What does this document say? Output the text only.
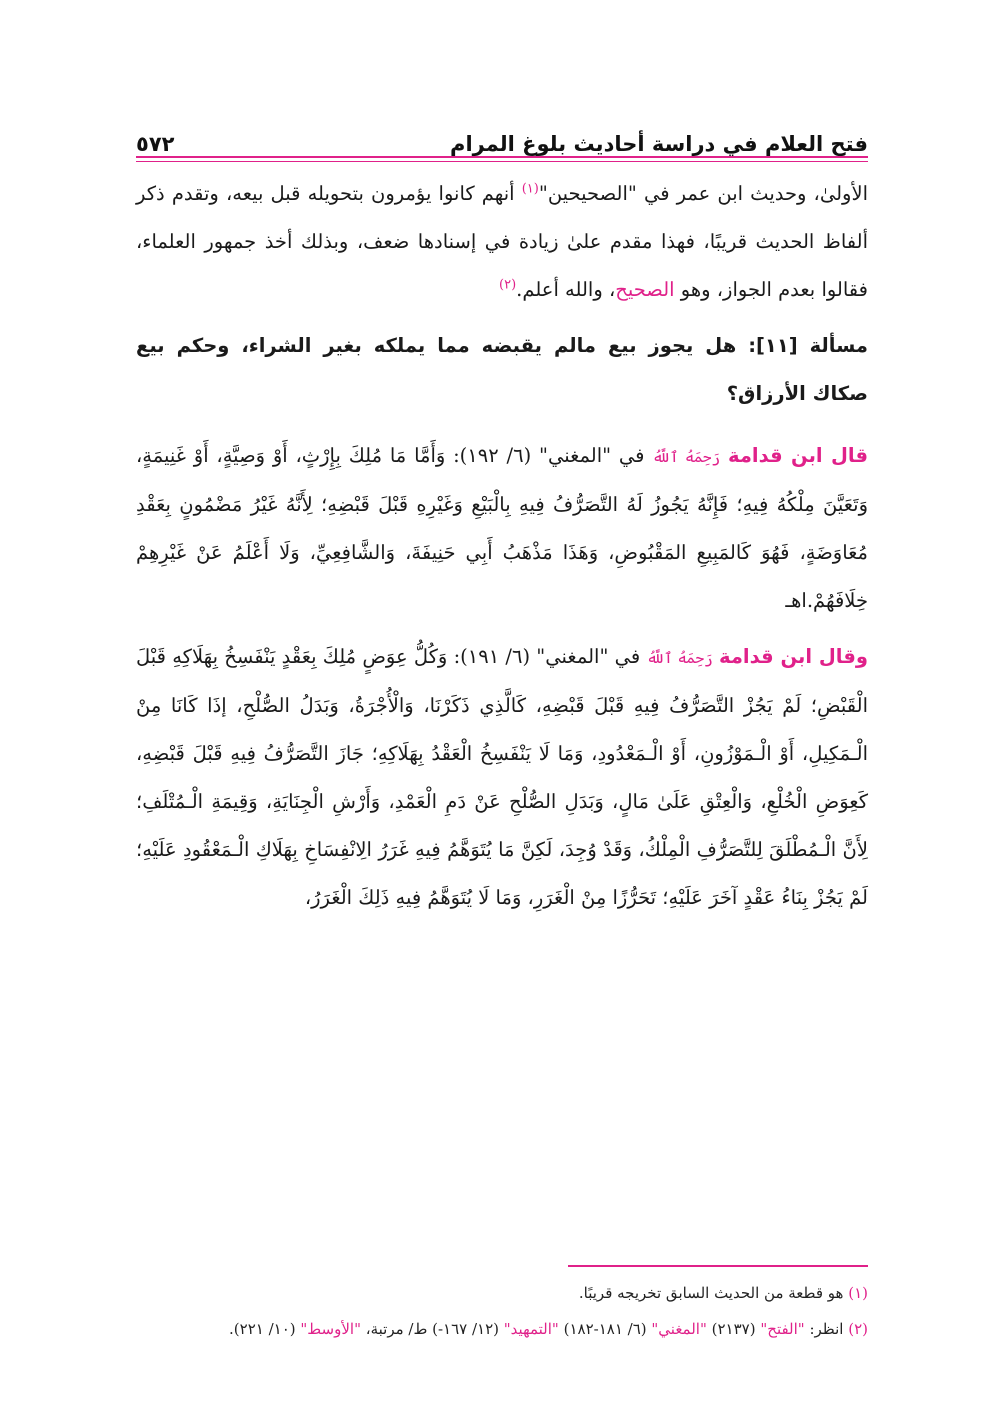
فتح العلام في دراسة أحاديث بلوغ المرام
٥٧٢

الأولىٰ، وحديث ابن عمر في "الصحيحين"$^{(١)}$ أنهم كانوا يؤمرون بتحويله قبل بيعه، وتقدم ذكر ألفاظ الحديث قريبًا، فهذا مقدم علىٰ زيادة في إسنادها ضعف، وبذلك أخذ جمهور العلماء، فقالوا بعدم الجواز، وهو الصحيح، والله أعلم.$^{(٢)}$

مسألة [١١]: هل يجوز بيع مالم يقبضه مما يملكه بغير الشراء، وحكم بيع صكاك الأرزاق؟

قال ابن قدامة رَحِمَهُ ٱللَّهُ في "المغني" (٦/ ١٩٢): وَأَمَّا مَا مُلِكَ بِإِرْثٍ، أَوْ وَصِيَّةٍ، أَوْ غَنِيمَةٍ، وَتَعَيَّنَ مِلْكُهُ فِيهِ؛ فَإِنَّهُ يَجُوزُ لَهُ التَّصَرُّفُ فِيهِ بِالْبَيْعِ وَغَيْرِهِ قَبْلَ قَبْضِهِ؛ لِأَنَّهُ غَيْرُ مَضْمُونٍ بِعَقْدِ مُعَاوَضَةٍ، فَهُوَ كَالمَبِيعِ المَقْبُوضِ، وَهَذَا مَذْهَبُ أَبِي حَنِيفَةَ، وَالشَّافِعِيِّ، وَلَا أَعْلَمُ عَنْ غَيْرِهِمْ خِلَافَهُمْ.اهـ

وقال ابن قدامة رَحِمَهُ ٱللَّهُ في "المغني" (٦/ ١٩١): وَكُلُّ عِوَضٍ مُلِكَ بِعَقْدٍ يَنْفَسِخُ بِهَلَاكِهِ قَبْلَ الْقَبْضِ؛ لَمْ يَجُزْ التَّصَرُّفُ فِيهِ قَبْلَ قَبْضِهِ، كَالَّذِي ذَكَرْنَا، وَالْأُجْرَةُ، وَبَدَلُ الصُّلْحِ، إذَا كَانَا مِنْ الْـمَكِيلِ، أَوْ الْـمَوْزُونِ، أَوْ الْـمَعْدُودِ، وَمَا لَا يَنْفَسِخُ الْعَقْدُ بِهَلَاكِهِ؛ جَازَ التَّصَرُّفُ فِيهِ قَبْلَ قَبْضِهِ، كَعِوَضِ الْخُلْعِ، وَالْعِتْقِ عَلَىٰ مَالٍ، وَبَدَلِ الصُّلْحِ عَنْ دَمِ الْعَمْدِ، وَأَرْشِ الْجِنَايَةِ، وَقِيمَةِ الْـمُتْلَفِ؛ لِأَنَّ الْـمُطْلَقَ لِلتَّصَرُّفِ الْمِلْكُ، وَقَدْ وُجِدَ، لَكِنَّ مَا يُتَوَهَّمُ فِيهِ غَرَرُ الِانْفِسَاخِ بِهَلَاكِ الْـمَعْقُودِ عَلَيْهِ؛ لَمْ يَجُزْ بِنَاءُ عَقْدٍ آخَرَ عَلَيْهِ؛ تَحَرُّزًا مِنْ الْغَرَرِ، وَمَا لَا يُتَوَهَّمُ فِيهِ ذَلِكَ الْغَرَرُ،

(١) هو قطعة من الحديث السابق تخريجه قريبًا.

(٢) انظر: "الفتح" (٢١٣٧) "المغني" (٦/ ١٨١-١٨٢) "التمهيد" (١٢/ ١٦٧-) ط/ مرتبة، "الأوسط" (١٠/ ٢٢١).
